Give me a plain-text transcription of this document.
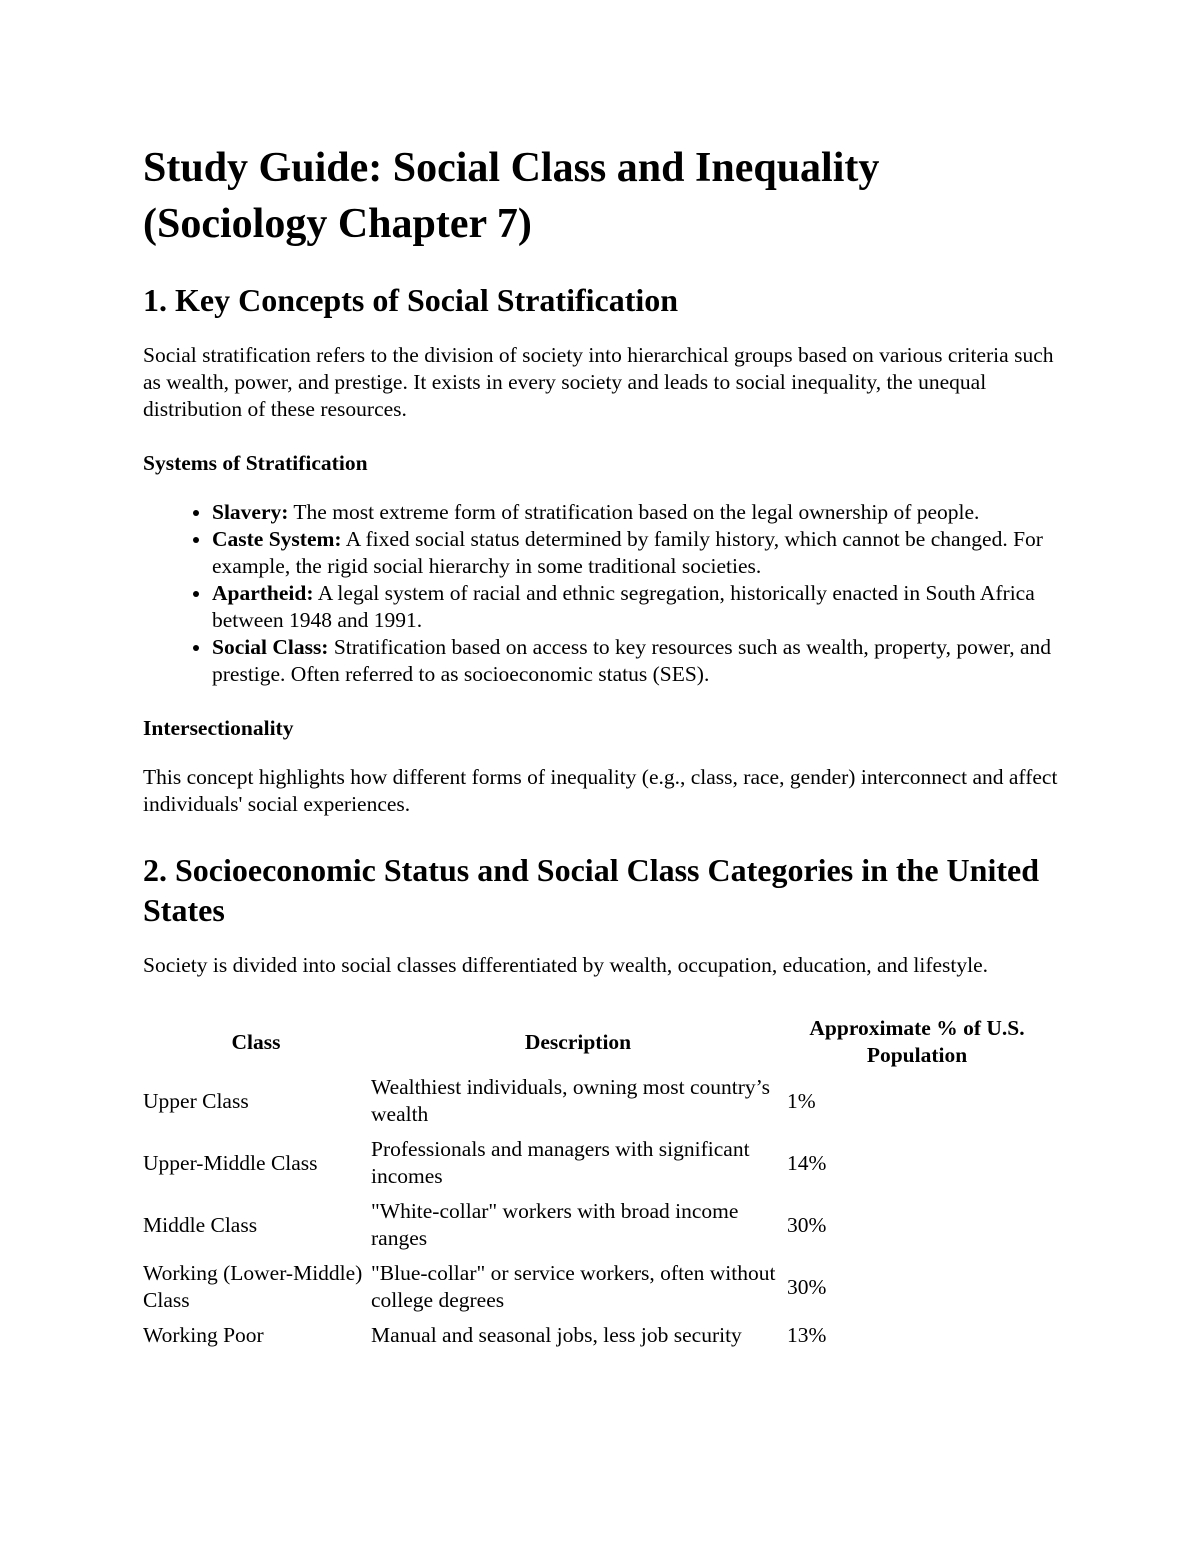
Study Guide: Social Class and Inequality (Sociology Chapter 7)
1. Key Concepts of Social Stratification

Social stratification refers to the division of society into hierarchical groups based on various criteria such as wealth, power, and prestige. It exists in every society and leads to social inequality, the unequal distribution of these resources.

Systems of Stratification
• Slavery: The most extreme form of stratification based on the legal ownership of people.
• Caste System: A fixed social status determined by family history, which cannot be changed. For example, the rigid social hierarchy in some traditional societies.
• Apartheid: A legal system of racial and ethnic segregation, historically enacted in South Africa between 1948 and 1991.
• Social Class: Stratification based on access to key resources such as wealth, property, power, and prestige. Often referred to as socioeconomic status (SES).
Intersectionality

This concept highlights how different forms of inequality (e.g., class, race, gender) interconnect and affect individuals' social experiences.

2. Socioeconomic Status and Social Class Categories in the United States

Society is divided into social classes differentiated by wealth, occupation, education, and lifestyle.

Class	Description	Approximate % of U.S. Population
Upper Class	Wealthiest individuals, owning most country’s wealth	1%
Upper-Middle Class	Professionals and managers with significant incomes	14%
Middle Class	"White-collar" workers with broad income ranges	30%
Working (Lower-Middle) Class	"Blue-collar" or service workers, often without college degrees	30%
Working Poor	Manual and seasonal jobs, less job security	13%
